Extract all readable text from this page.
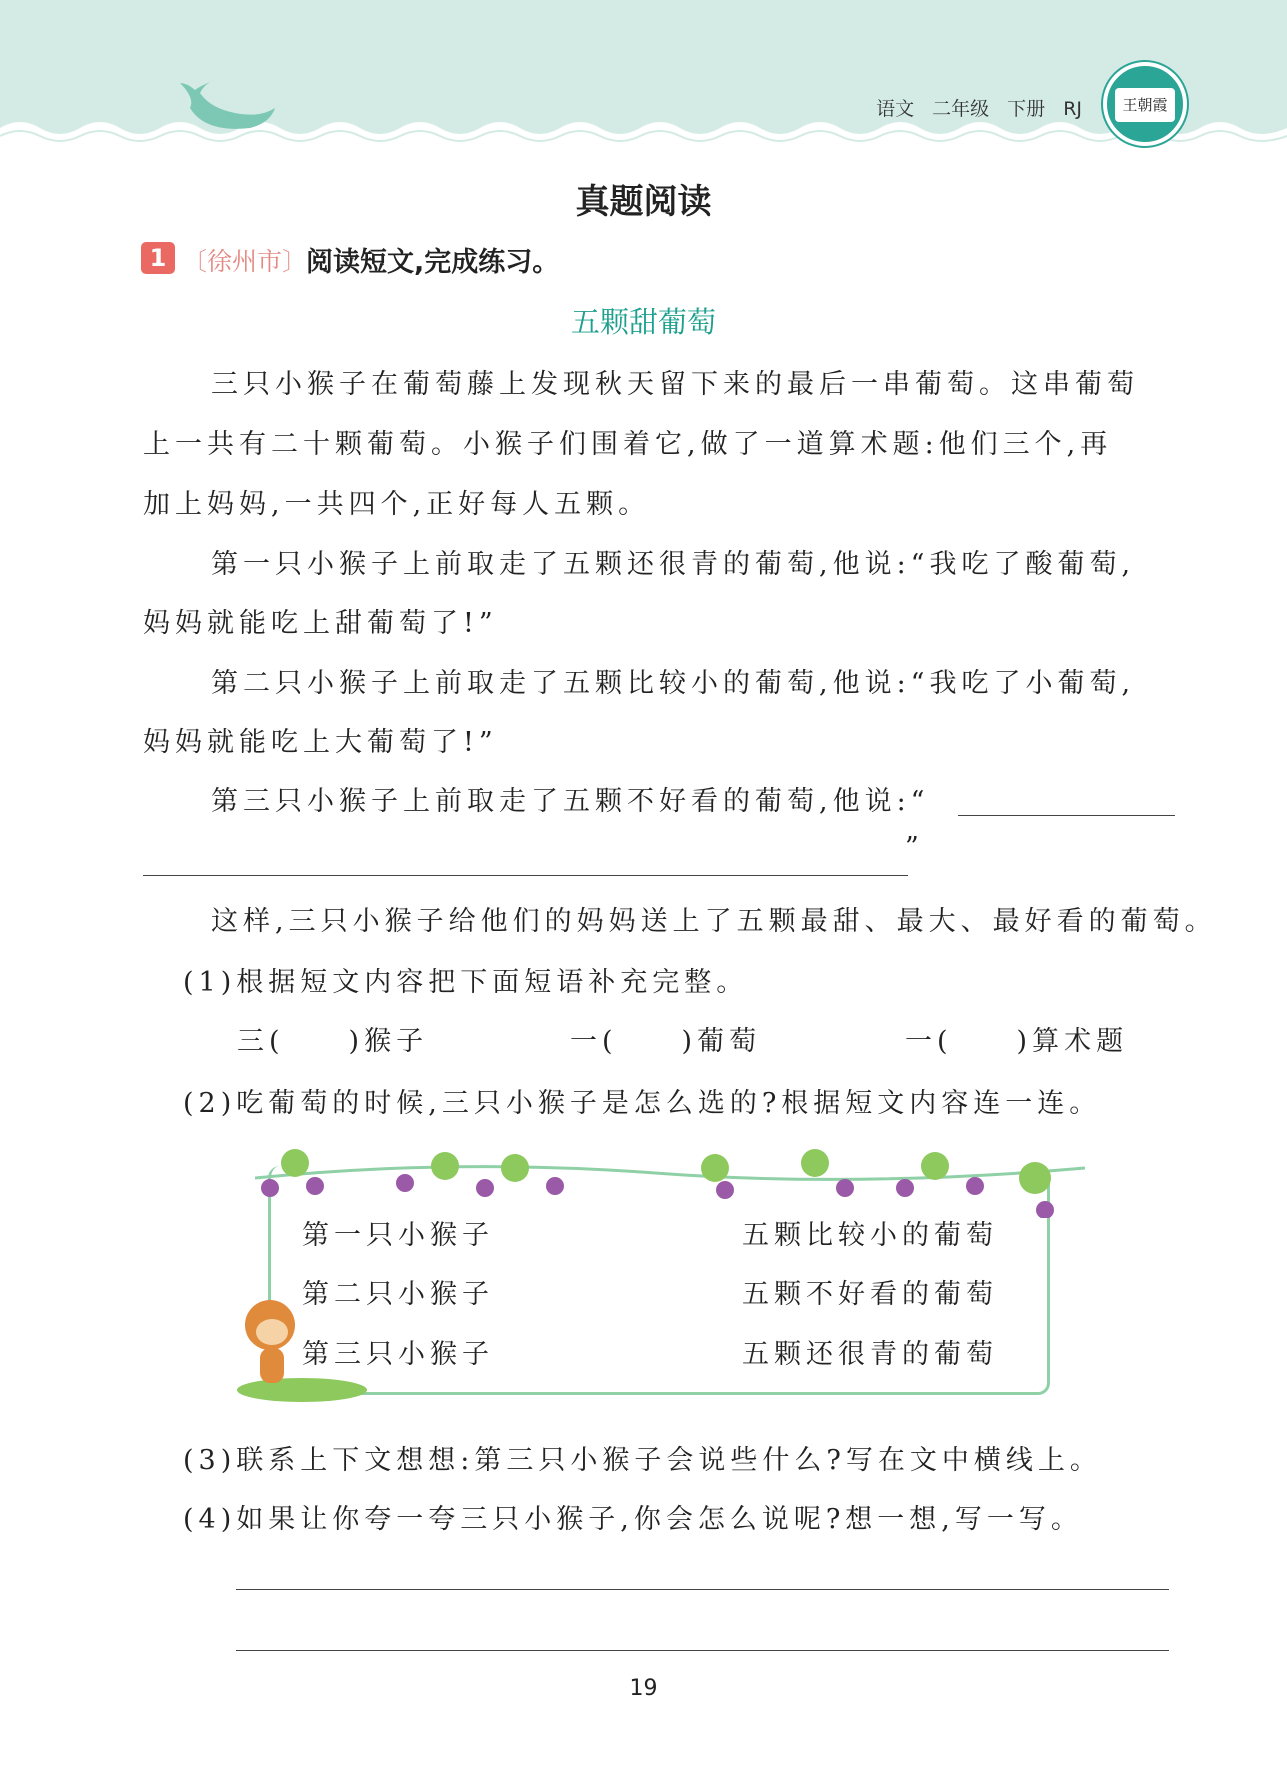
语文 二年级 下册 RJ	王朝霞
真题阅读
1 〔徐州市〕
阅读短文,完成练习。
五颗甜葡萄
三只小猴子在葡萄藤上发现秋天留下来的最后一串葡萄。这串葡萄
上一共有二十颗葡萄。小猴子们围着它,做了一道算术题:他们三个,再
加上妈妈,一共四个,正好每人五颗。
第一只小猴子上前取走了五颗还很青的葡萄,他说:“我吃了酸葡萄,
妈妈就能吃上甜葡萄了!”
第二只小猴子上前取走了五颗比较小的葡萄,他说:“我吃了小葡萄,
妈妈就能吃上大葡萄了!”
第三只小猴子上前取走了五颗不好看的葡萄,他说:“
”
这样,三只小猴子给他们的妈妈送上了五颗最甜、最大、最好看的葡萄。
(1)根据短文内容把下面短语补充完整。
三(　　)猴子	一(　　)葡萄	一(　　)算术题
(2)吃葡萄的时候,三只小猴子是怎么选的?根据短文内容连一连。
第一只小猴子
第二只小猴子
第三只小猴子
五颗比较小的葡萄
五颗不好看的葡萄
五颗还很青的葡萄
(3)联系上下文想想:第三只小猴子会说些什么?写在文中横线上。
(4)如果让你夸一夸三只小猴子,你会怎么说呢?想一想,写一写。
19
